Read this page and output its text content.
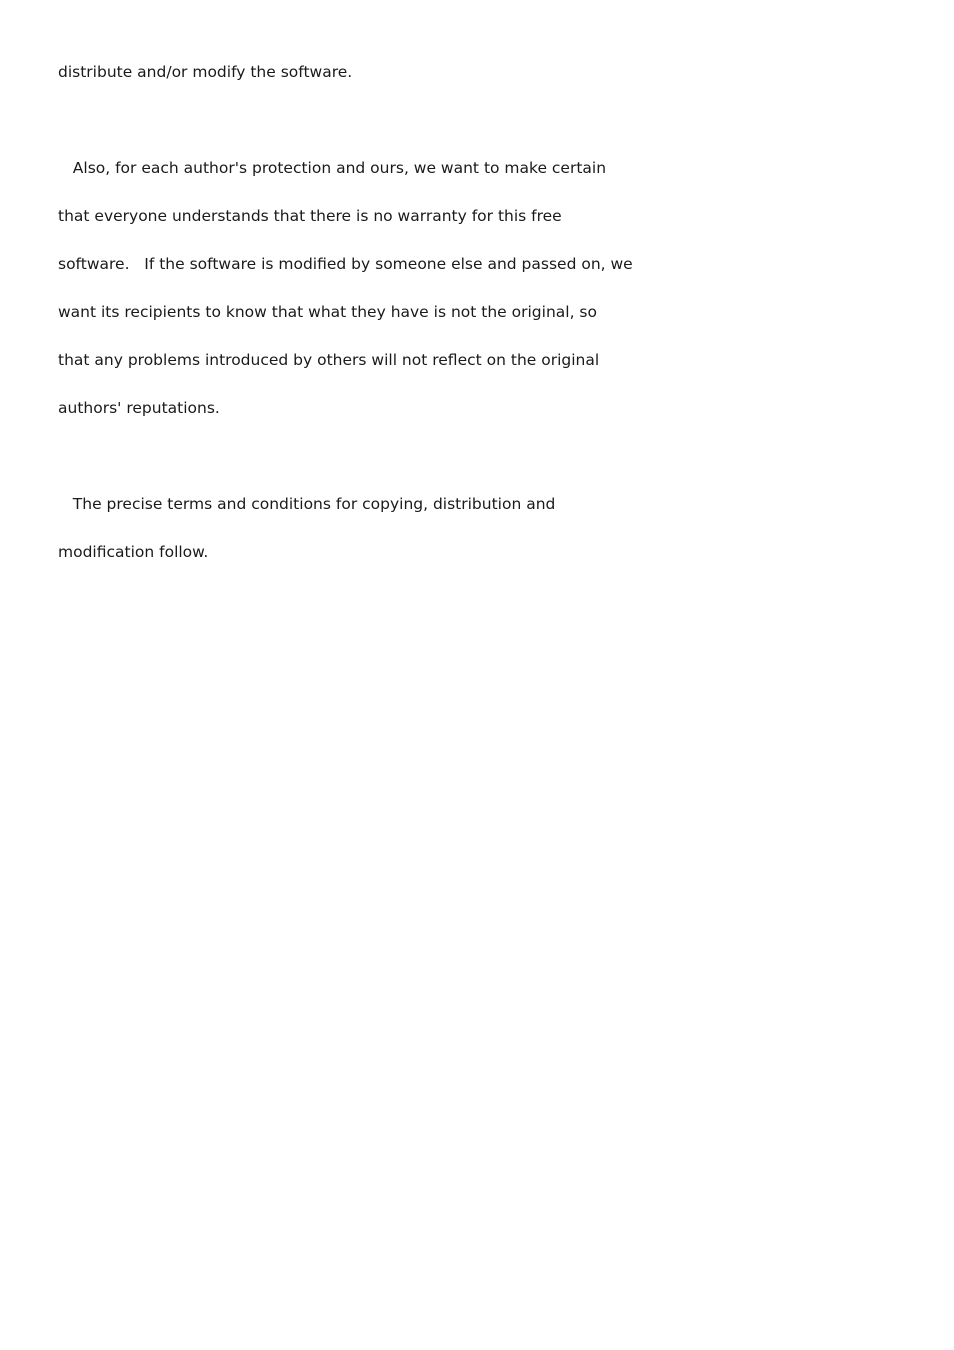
distribute and/or modify the software.
Also, for each author's protection and ours, we want to make certain
that everyone understands that there is no warranty for this free
software.   If the software is modified by someone else and passed on, we
want its recipients to know that what they have is not the original, so
that any problems introduced by others will not reflect on the original
authors' reputations.
The precise terms and conditions for copying, distribution and
modification follow.
